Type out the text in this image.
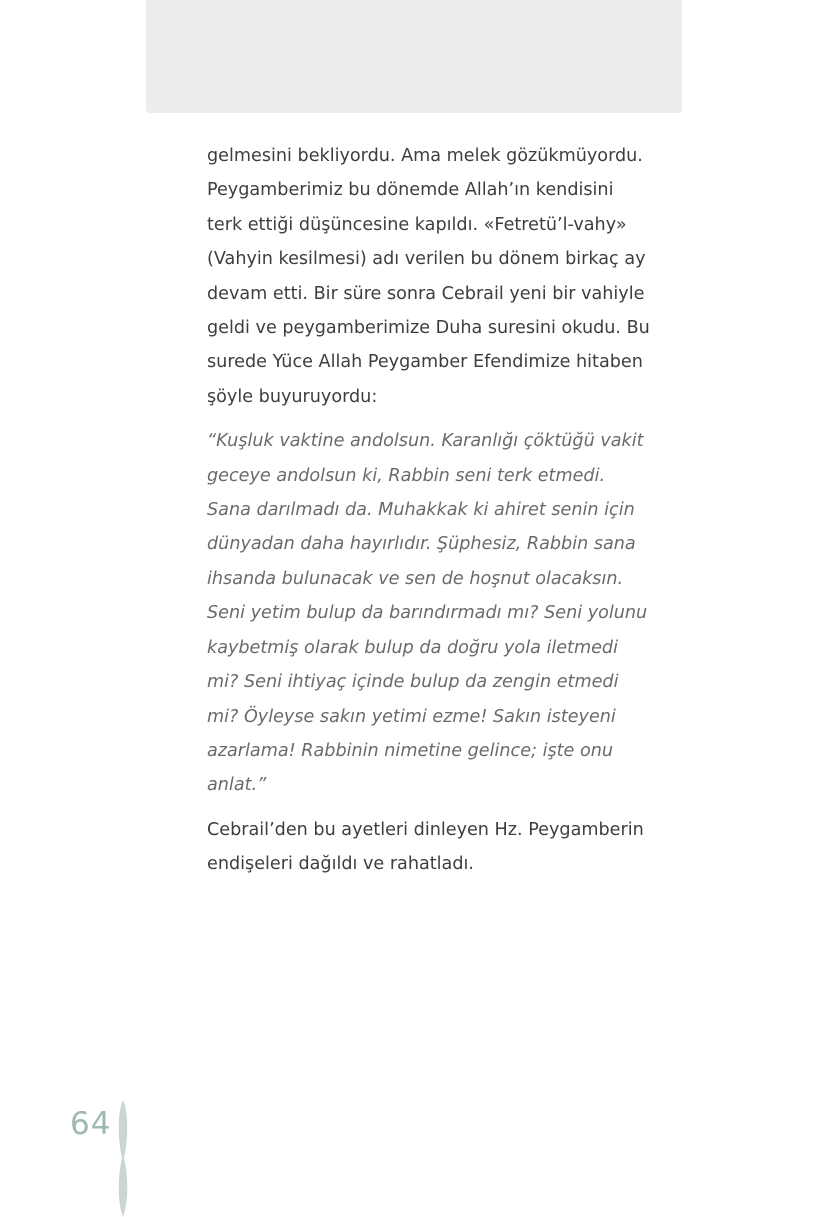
gelmesini bekliyordu. Ama melek gözükmüyordu.
Peygamberimiz bu dönemde Allah’ın kendisini
terk ettiği düşüncesine kapıldı. «Fetretü’l-vahy»
(Vahyin kesilmesi) adı verilen bu dönem birkaç ay
devam etti. Bir süre sonra Cebrail yeni bir vahiyle
geldi ve peygamberimize Duha suresini okudu. Bu
surede Yüce Allah Peygamber Efendimize hitaben
şöyle buyuruyordu:

“Kuşluk vaktine andolsun. Karanlığı çöktüğü vakit
geceye andolsun ki, Rabbin seni terk etmedi.
Sana darılmadı da. Muhakkak ki ahiret senin için
dünyadan daha hayırlıdır. Şüphesiz, Rabbin sana
ihsanda bulunacak ve sen de hoşnut olacaksın.
Seni yetim bulup da barındırmadı mı? Seni yolunu
kaybetmiş olarak bulup da doğru yola iletmedi
mi? Seni ihtiyaç içinde bulup da zengin etmedi
mi? Öyleyse sakın yetimi ezme! Sakın isteyeni
azarlama! Rabbinin nimetine gelince; işte onu
anlat.”

Cebrail’den bu ayetleri dinleyen Hz. Peygamberin
endişeleri dağıldı ve rahatladı.

64
